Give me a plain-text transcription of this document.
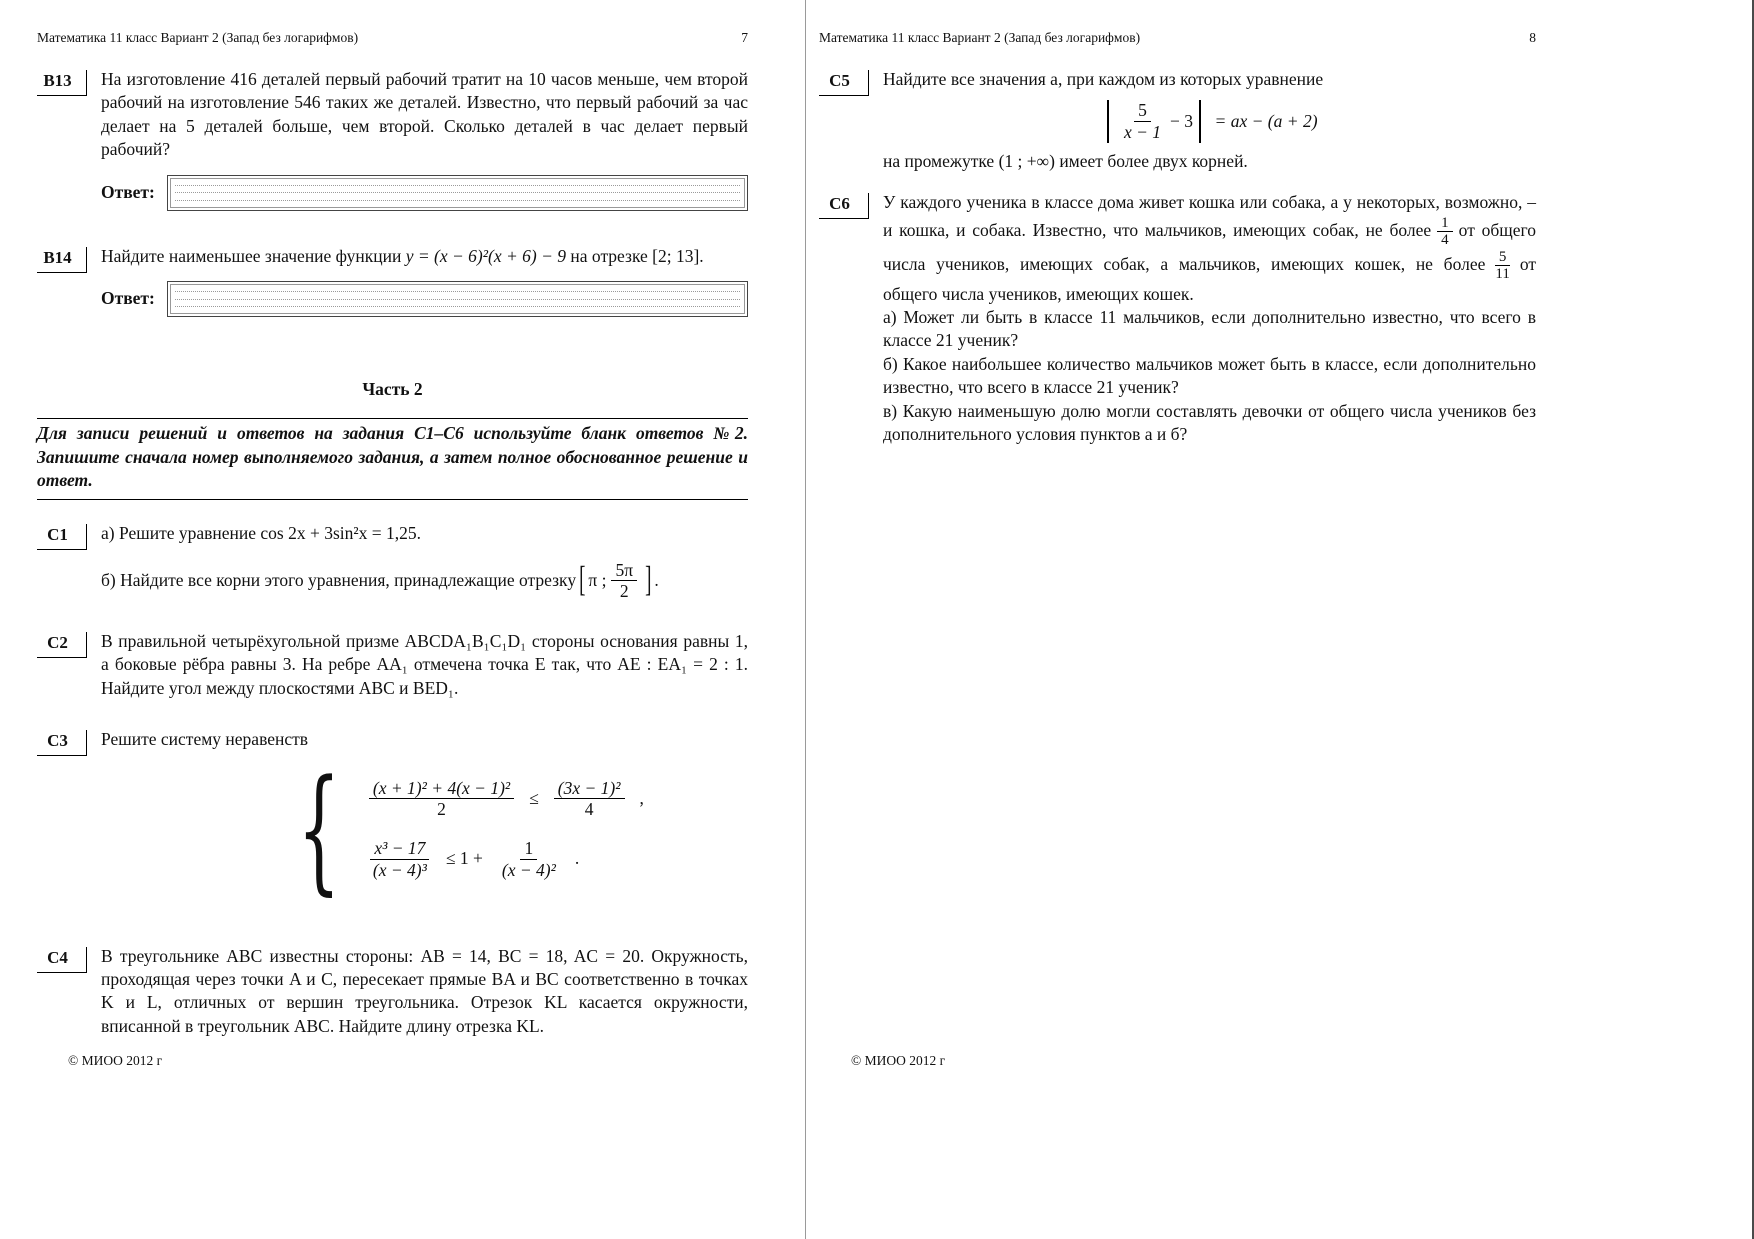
Математика 11 класс Вариант 2 (Запад без логарифмов)	7
В13	На изготовление 416 деталей первый рабочий тратит на 10 часов меньше, чем второй рабочий на изготовление 546 таких же деталей. Известно, что первый рабочий за час делает на 5 деталей больше, чем второй. Сколько деталей в час делает первый рабочий?

Ответ:
В14	Найдите наименьшее значение функции y = (x − 6)²(x + 6) − 9 на отрезке [2; 13].

Ответ:
Часть 2
Для записи решений и ответов на задания С1–С6 используйте бланк ответов №2. Запишите сначала номер выполняемого задания, а затем полное обоснованное решение и ответ.
С1	а) Решите уравнение cos 2x + 3sin²x = 1,25.

б) Найдите все корни этого уравнения, принадлежащие отрезку [ π ; $\frac{5\pi}{2}$ ] .
С2	В правильной четырёхугольной призме ABCDA₁B₁C₁D₁ стороны основания равны 1, а боковые рёбра равны 3. На ребре AA₁ отмечена точка E так, что AE : EA₁ = 2 : 1. Найдите угол между плоскостями ABC и BED₁.

С3	Решите систему неравенств

{ $\frac{\text{(x + 1)² + 4(x − 1)²}}{2} \le \frac{\text{(3x − 1)²}}{4}$ ,
$\frac{\text{x³ − 17}}{\text{(x − 4)³}} \le 1 + \frac{1}{\text{(x − 4)²}}$ .
С4	В треугольнике ABC известны стороны: AB = 14, BC = 18, AC = 20. Окружность, проходящая через точки A и C, пересекает прямые BA и BC соответственно в точках K и L, отличных от вершин треугольника. Отрезок KL касается окружности, вписанной в треугольник ABC. Найдите длину отрезка KL.

© МИОО 2012 г
Математика 11 класс Вариант 2 (Запад без логарифмов)	8
С5	Найдите все значения a, при каждом из которых уравнение

$\frac{5}{x - 1} - 3$ = ax − (a + 2)

на промежутке (1 ; +∞) имеет более двух корней.

С6	У каждого ученика в классе дома живет кошка или собака, а у некоторых, возможно, – и кошка, и собака. Известно, что мальчиков, имеющих собак, не более $\frac{1}{4}$ от общего числа учеников, имеющих собак, а мальчиков, имеющих кошек, не более $\frac{5}{11}$ от общего числа учеников, имеющих кошек.

а) Может ли быть в классе 11 мальчиков, если дополнительно известно, что всего в классе 21 ученик?

б) Какое наибольшее количество мальчиков может быть в классе, если дополнительно известно, что всего в классе 21 ученик?

в) Какую наименьшую долю могли составлять девочки от общего числа учеников без дополнительного условия пунктов а и б?

© МИОО 2012 г
